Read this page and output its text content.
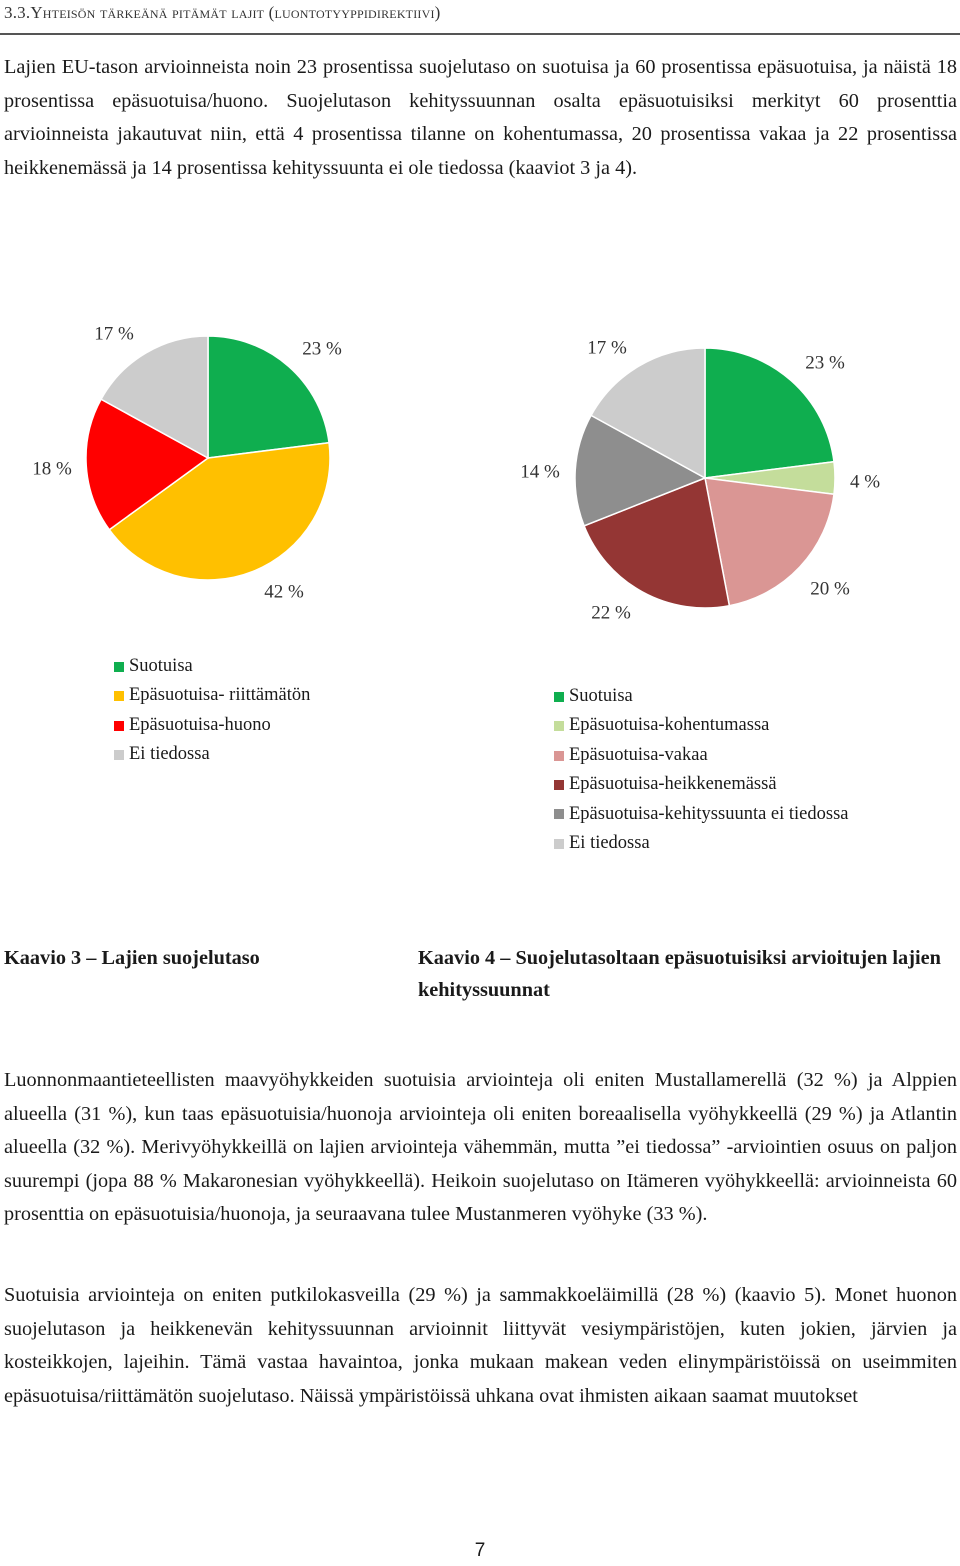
3.3.Yhteisön tärkeänä pitämät lajit (luontotyyppidirektiivi)

Lajien EU-tason arvioinneista noin 23 prosentissa suojelutaso on suotuisa ja 60 prosentissa epäsuotuisa, ja näistä 18 prosentissa epäsuotuisa/huono. Suojelutason kehityssuunnan osalta epäsuotuisiksi merkityt 60 prosenttia arvioinneista jakautuvat niin, että 4 prosentissa tilanne on kohentumassa, 20 prosentissa vakaa ja 22 prosentissa heikkenemässä ja 14 prosentissa kehityssuunta ei ole tiedossa (kaaviot 3 ja 4).

23 %
42 %
18 %
17 %
23 %
4 %
20 %
22 %
14 %
17 %
Suotuisa
Epäsuotuisa- riittämätön
Epäsuotuisa-huono
Ei tiedossa
Suotuisa
Epäsuotuisa-kohentumassa
Epäsuotuisa-vakaa
Epäsuotuisa-heikkenemässä
Epäsuotuisa-kehityssuunta ei tiedossa
Ei tiedossa

Kaavio 3 – Lajien suojelutaso	Kaavio 4 – Suojelutasoltaan epäsuotuisiksi arvioitujen lajien kehityssuunnat

Luonnonmaantieteellisten maavyöhykkeiden suotuisia arviointeja oli eniten Mustallamerellä (32 %) ja Alppien alueella (31 %), kun taas epäsuotuisia/huonoja arviointeja oli eniten boreaalisella vyöhykkeellä (29 %) ja Atlantin alueella (32 %). Merivyöhykkeillä on lajien arviointeja vähemmän, mutta ”ei tiedossa” -arviointien osuus on paljon suurempi (jopa 88 % Makaronesian vyöhykkeellä). Heikoin suojelutaso on Itämeren vyöhykkeellä: arvioinneista 60 prosenttia on epäsuotuisia/huonoja, ja seuraavana tulee Mustanmeren vyöhyke (33 %).

Suotuisia arviointeja on eniten putkilokasveilla (29 %) ja sammakkoeläimillä (28 %) (kaavio 5). Monet huonon suojelutason ja heikkenevän kehityssuunnan arvioinnit liittyvät vesiympäristöjen, kuten jokien, järvien ja kosteikkojen, lajeihin. Tämä vastaa havaintoa, jonka mukaan makean veden elinympäristöissä on useimmiten epäsuotuisa/riittämätön suojelutaso. Näissä ympäristöissä uhkana ovat ihmisten aikaan saamat muutokset

7
